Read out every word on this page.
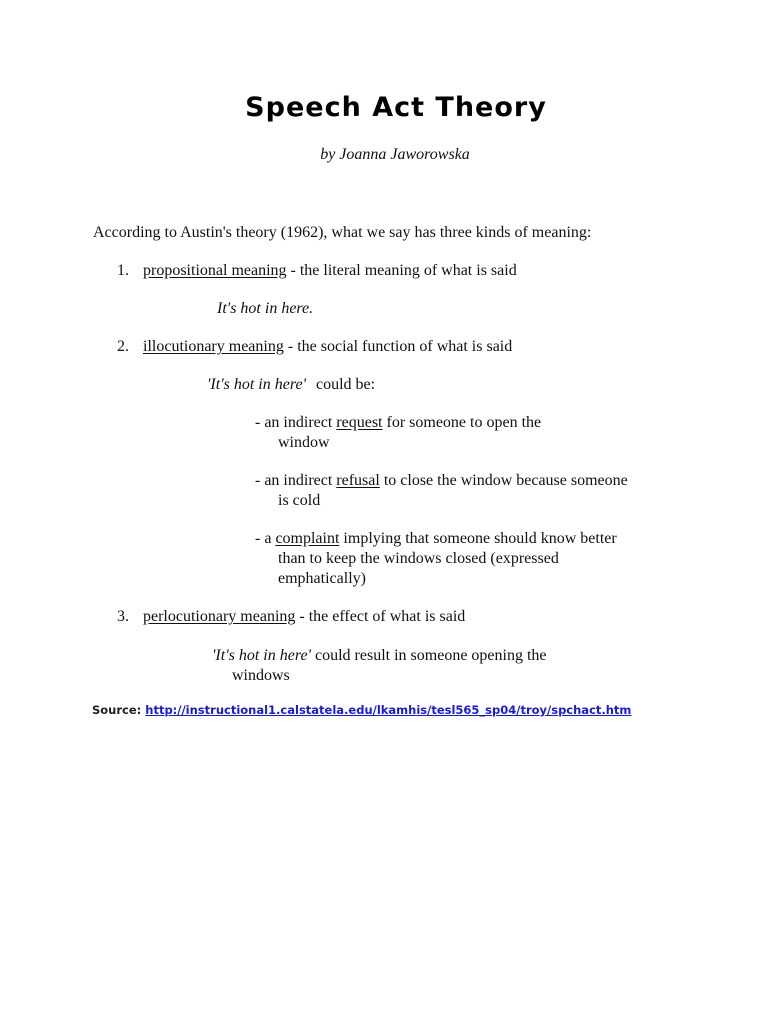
Speech Act Theory
by Joanna Jaworowska
According to Austin's theory (1962), what we say has three kinds of meaning:
1. propositional meaning - the literal meaning of what is said
It's hot in here.
2. illocutionary meaning - the social function of what is said
'It's hot in here' could be:
- an indirect request for someone to open the
window
- an indirect refusal to close the window because someone
is cold
- a complaint implying that someone should know better
than to keep the windows closed (expressed
emphatically)
3. perlocutionary meaning - the effect of what is said
'It's hot in here' could result in someone opening the
windows
Source: http://instructional1.calstatela.edu/lkamhis/tesl565_sp04/troy/spchact.htm
